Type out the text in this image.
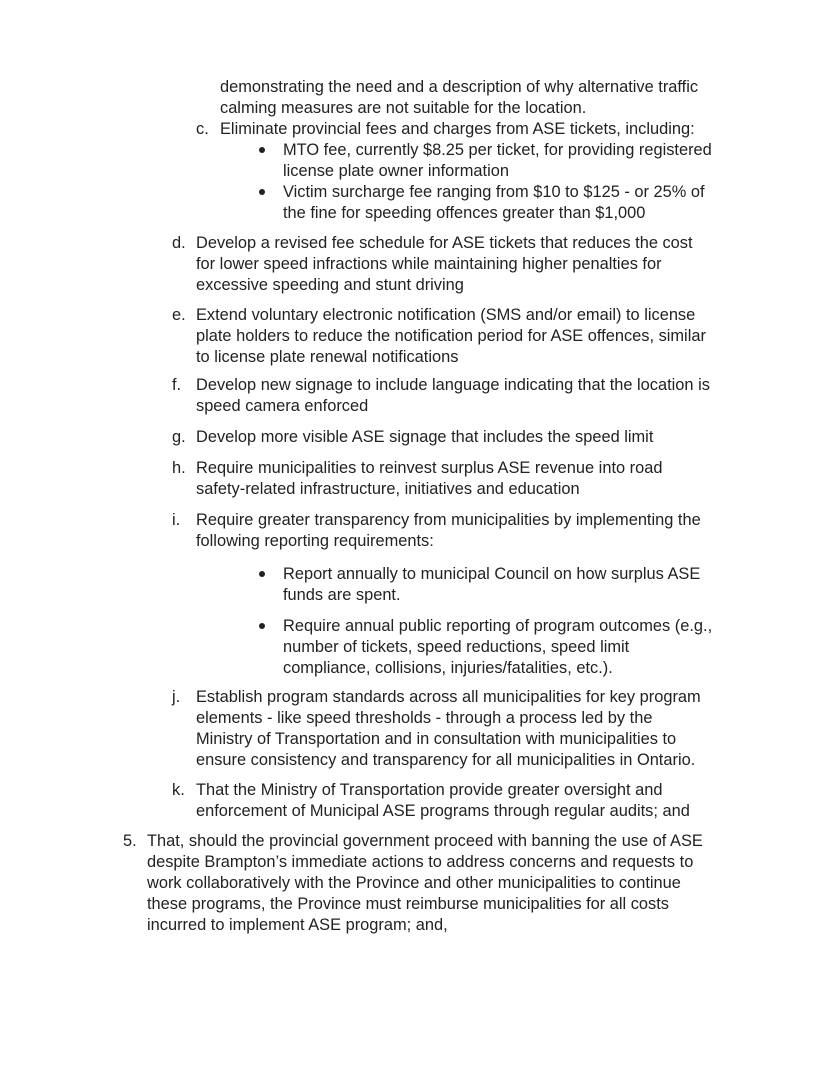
demonstrating the need and a description of why alternative traffic
calming measures are not suitable for the location.
c. Eliminate provincial fees and charges from ASE tickets, including:
MTO fee, currently $8.25 per ticket, for providing registered
license plate owner information
Victim surcharge fee ranging from $10 to $125 - or 25% of
the fine for speeding offences greater than $1,000
d. Develop a revised fee schedule for ASE tickets that reduces the cost
for lower speed infractions while maintaining higher penalties for
excessive speeding and stunt driving
e. Extend voluntary electronic notification (SMS and/or email) to license
plate holders to reduce the notification period for ASE offences, similar
to license plate renewal notifications
f. Develop new signage to include language indicating that the location is
speed camera enforced
g. Develop more visible ASE signage that includes the speed limit
h. Require municipalities to reinvest surplus ASE revenue into road
safety-related infrastructure, initiatives and education
i. Require greater transparency from municipalities by implementing the
following reporting requirements:
Report annually to municipal Council on how surplus ASE
funds are spent.
Require annual public reporting of program outcomes (e.g.,
number of tickets, speed reductions, speed limit
compliance, collisions, injuries/fatalities, etc.).
j. Establish program standards across all municipalities for key program
elements - like speed thresholds - through a process led by the
Ministry of Transportation and in consultation with municipalities to
ensure consistency and transparency for all municipalities in Ontario.
k. That the Ministry of Transportation provide greater oversight and
enforcement of Municipal ASE programs through regular audits; and
5. That, should the provincial government proceed with banning the use of ASE
despite Brampton’s immediate actions to address concerns and requests to
work collaboratively with the Province and other municipalities to continue
these programs, the Province must reimburse municipalities for all costs
incurred to implement ASE program; and,
